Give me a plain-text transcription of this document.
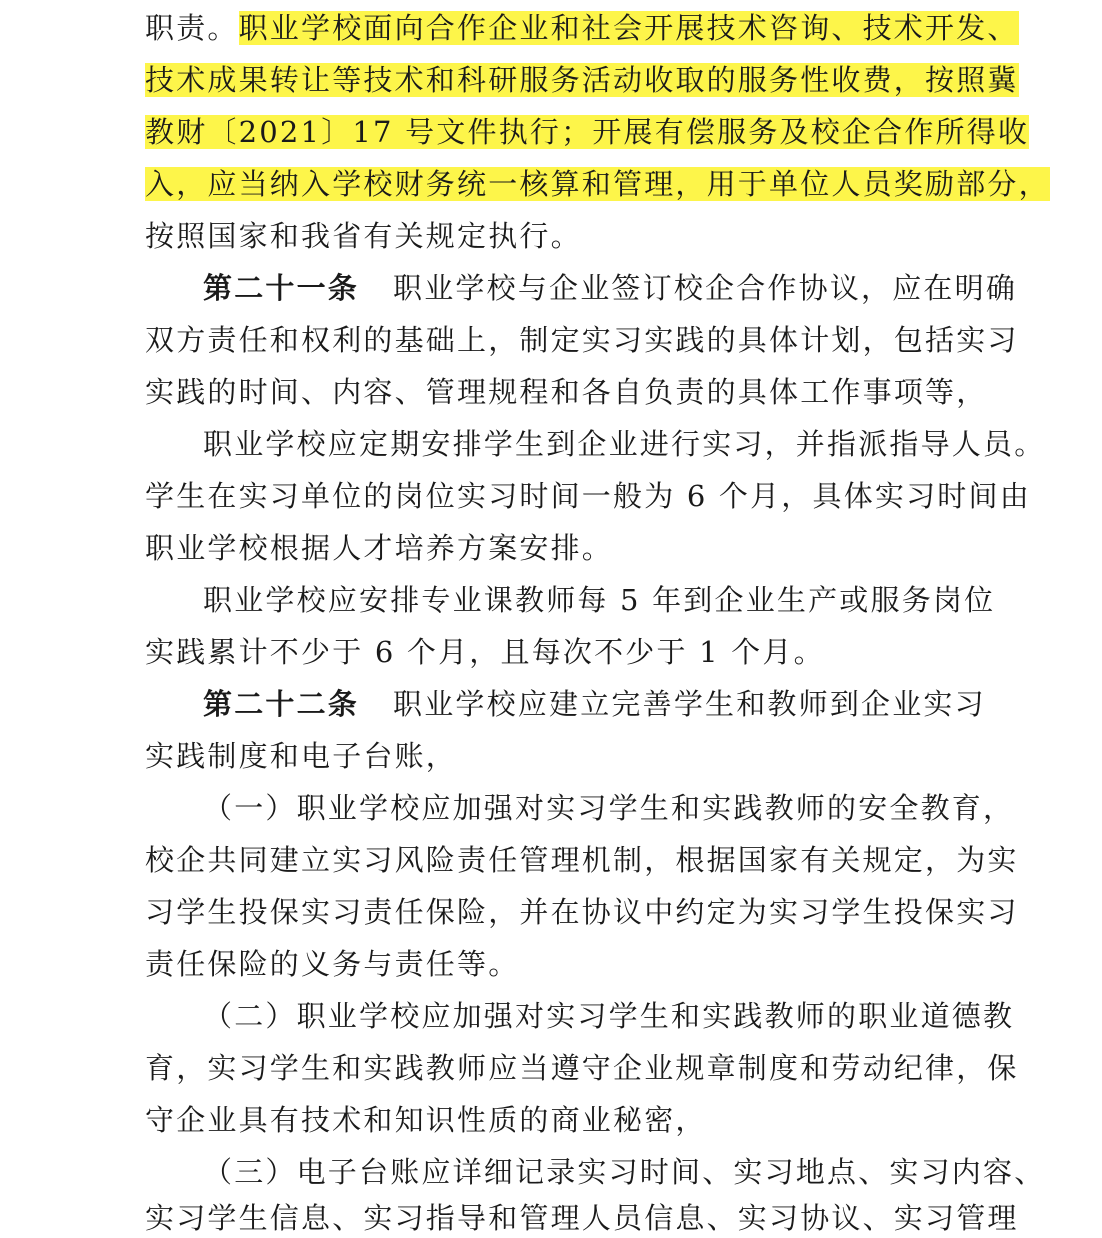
职责。职业学校面向合作企业和社会开展技术咨询、技术开发、
技术成果转让等技术和科研服务活动收取的服务性收费，按照冀
教财〔2021〕17 号文件执行；开展有偿服务及校企合作所得收
入，应当纳入学校财务统一核算和管理，用于单位人员奖励部分，
按照国家和我省有关规定执行。
第二十一条 职业学校与企业签订校企合作协议，应在明确
双方责任和权利的基础上，制定实习实践的具体计划，包括实习
实践的时间、内容、管理规程和各自负责的具体工作事项等，
职业学校应定期安排学生到企业进行实习，并指派指导人员。
学生在实习单位的岗位实习时间一般为 6 个月，具体实习时间由
职业学校根据人才培养方案安排。
职业学校应安排专业课教师每 5 年到企业生产或服务岗位
实践累计不少于 6 个月，且每次不少于 1 个月。
第二十二条 职业学校应建立完善学生和教师到企业实习
实践制度和电子台账，
（一）职业学校应加强对实习学生和实践教师的安全教育，
校企共同建立实习风险责任管理机制，根据国家有关规定，为实
习学生投保实习责任保险，并在协议中约定为实习学生投保实习
责任保险的义务与责任等。
（二）职业学校应加强对实习学生和实践教师的职业道德教
育，实习学生和实践教师应当遵守企业规章制度和劳动纪律，保
守企业具有技术和知识性质的商业秘密，
（三）电子台账应详细记录实习时间、实习地点、实习内容、
实习学生信息、实习指导和管理人员信息、实习协议、实习管理
